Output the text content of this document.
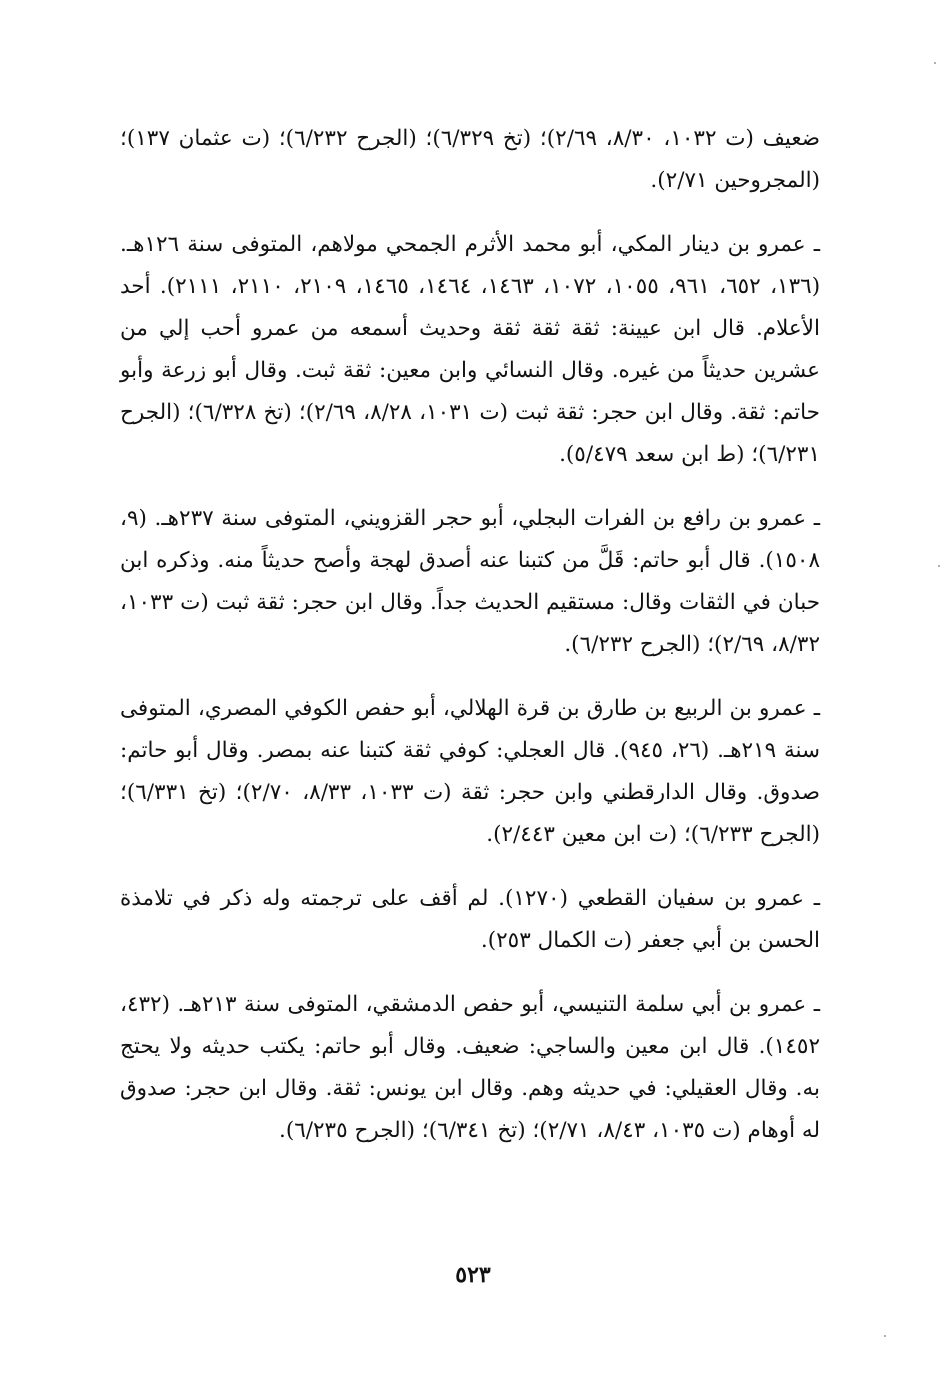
ضعيف (ت ١٠٣٢، ٨/٣٠، ٢/٦٩)؛ (تخ ٦/٣٢٩)؛ (الجرح ٦/٢٣٢)؛ (ت عثمان ١٣٧)؛ (المجروحين ٢/٧١).

ـ عمرو بن دينار المكي، أبو محمد الأثرم الجمحي مولاهم، المتوفى سنة ١٢٦هـ. (١٣٦، ٦٥٢، ٩٦١، ١٠٥٥، ١٠٧٢، ١٤٦٣، ١٤٦٤، ١٤٦٥، ٢١٠٩، ٢١١٠، ٢١١١). أحد الأعلام. قال ابن عيينة: ثقة ثقة ثقة وحديث أسمعه من عمرو أحب إلي من عشرين حديثاً من غيره. وقال النسائي وابن معين: ثقة ثبت. وقال أبو زرعة وأبو حاتم: ثقة. وقال ابن حجر: ثقة ثبت (ت ١٠٣١، ٨/٢٨، ٢/٦٩)؛ (تخ ٦/٣٢٨)؛ (الجرح ٦/٢٣١)؛ (ط ابن سعد ٥/٤٧٩).

ـ عمرو بن رافع بن الفرات البجلي، أبو حجر القزويني، المتوفى سنة ٢٣٧هـ. (٩، ١٥٠٨). قال أبو حاتم: قَلَّ من كتبنا عنه أصدق لهجة وأصح حديثاً منه. وذكره ابن حبان في الثقات وقال: مستقيم الحديث جداً. وقال ابن حجر: ثقة ثبت (ت ١٠٣٣، ٨/٣٢، ٢/٦٩)؛ (الجرح ٦/٢٣٢).

ـ عمرو بن الربيع بن طارق بن قرة الهلالي، أبو حفص الكوفي المصري، المتوفى سنة ٢١٩هـ. (٢٦، ٩٤٥). قال العجلي: كوفي ثقة كتبنا عنه بمصر. وقال أبو حاتم: صدوق. وقال الدارقطني وابن حجر: ثقة (ت ١٠٣٣، ٨/٣٣، ٢/٧٠)؛ (تخ ٦/٣٣١)؛ (الجرح ٦/٢٣٣)؛ (ت ابن معين ٢/٤٤٣).

ـ عمرو بن سفيان القطعي (١٢٧٠). لم أقف على ترجمته وله ذكر في تلامذة الحسن بن أبي جعفر (ت الكمال ٢٥٣).

ـ عمرو بن أبي سلمة التنيسي، أبو حفص الدمشقي، المتوفى سنة ٢١٣هـ. (٤٣٢، ١٤٥٢). قال ابن معين والساجي: ضعيف. وقال أبو حاتم: يكتب حديثه ولا يحتج به. وقال العقيلي: في حديثه وهم. وقال ابن يونس: ثقة. وقال ابن حجر: صدوق له أوهام (ت ١٠٣٥، ٨/٤٣، ٢/٧١)؛ (تخ ٦/٣٤١)؛ (الجرح ٦/٢٣٥).

٥٢٣
